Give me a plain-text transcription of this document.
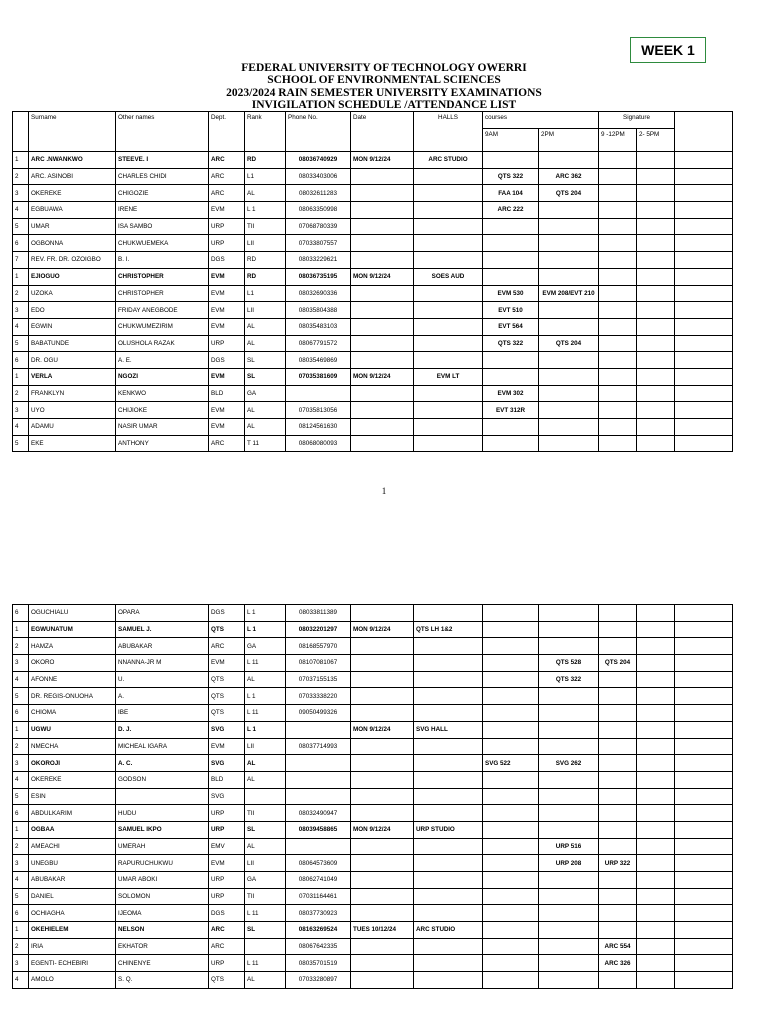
WEEK 1
FEDERAL UNIVERSITY OF TECHNOLOGY OWERRI
SCHOOL OF ENVIRONMENTAL SCIENCES
2023/2024 RAIN SEMESTER UNIVERSITY EXAMINATIONS
INVIGILATION SCHEDULE /ATTENDANCE LIST
	Surname	Other names	Dept.	Rank	Phone No.	Date	HALLS	courses		Signature		
								9AM	2PM	9 -12PM	2- 5PM	
1	ARC .NWANKWO	STEEVE. I	ARC	RD	08036740929	MON 9/12/24	ARC STUDIO					
2	ARC. ASINOBI	CHARLES CHIDI	ARC	L1	08033403006			QTS 322	ARC 362			
3	OKEREKE	CHIGOZIE	ARC	AL	08032611283			FAA 104	QTS 204			
4	EGBUAWA	IRENE	EVM	L 1	08063350998			ARC 222				
5	UMAR	ISA SAMBO	URP	TII	07068780339							
6	OGBONNA	CHUKWUEMEKA	URP	LII	07033807557							
7	REV. FR. DR. OZOIGBO	B. I.	DGS	RD	08033229621							
1	EJIOGUO	CHRISTOPHER	EVM	RD	08036735195	MON 9/12/24	SOES AUD					
2	UZOKA	CHRISTOPHER	EVM	L1	08032690336			EVM 530	EVM 208/EVT 210			
3	EDO	FRIDAY ANEGBODE	EVM	LII	08035804388			EVT 510				
4	EGWIN	CHUKWUMEZIRIM	EVM	AL	08035483103			EVT 564				
5	BABATUNDE	OLUSHOLA RAZAK	URP	AL	08067791572			QTS 322	QTS 204			
6	DR. OGU	A. E.	DGS	SL	08035469869							
1	VERLA	NGOZI	EVM	SL	07035381609	MON 9/12/24	EVM LT					
2	FRANKLYN	KENKWO	BLD	GA				EVM 302				
3	UYO	CHIJIOKE	EVM	AL	07035813056			EVT 312R				
4	ADAMU	NASIR UMAR	EVM	AL	08124561630							
5	EKE	ANTHONY	ARC	T 11	08068080093							
1
6	OGUCHIALU	OPARA	DGS	L 1	08033811389							
1	EGWUNATUM	SAMUEL J.	QTS	L 1	08032201297	MON 9/12/24	QTS LH 1&2					
2	HAMZA	ABUBAKAR	ARC	GA	08168557970							
3	OKORO	NNANNA-JR M	EVM	L 11	08107081067				QTS 528	QTS 204		
4	AFONNE	U.	QTS	AL	07037155135				QTS 322			
5	DR. REGIS-ONUOHA	A.	QTS	L 1	07033338220							
6	CHIOMA	IBE	QTS	L 11	09050499326							
1	UGWU	D. J.	SVG	L 1		MON 9/12/24	SVG HALL					
2	NMECHA	MICHEAL IGARA	EVM	LII	08037714993							
3	OKOROJI	A. C.	SVG	AL				SVG 522	SVG 262			
4	OKEREKE	GODSON	BLD	AL								
5	ESIN		SVG									
6	ABDULKARIM	HUDU	URP	TII	08032490947							
1	OGBAA	SAMUEL IKPO	URP	SL	08039458865	MON 9/12/24	URP STUDIO					
2	AMEACHI	UMERAH	EMV	AL					URP 516			
3	UNEGBU	RAPURUCHUKWU	EVM	LII	08064573609				URP 208	URP 322		
4	ABUBAKAR	UMAR ABOKI	URP	GA	08062741049							
5	DANIEL	SOLOMON	URP	TII	07031164461							
6	OCHIAGHA	IJEOMA	DGS	L 11	08037730923							
1	OKEHIELEM	NELSON	ARC	SL	08163269524	TUES 10/12/24	ARC STUDIO					
2	IRIA	EKHATOR	ARC		08067642335					ARC 554		
3	EGENTI- ECHEBIRI	CHINENYE	URP	L 11	08035701519					ARC 326		
4	AMOLO	S. Q.	QTS	AL	07033280897							
